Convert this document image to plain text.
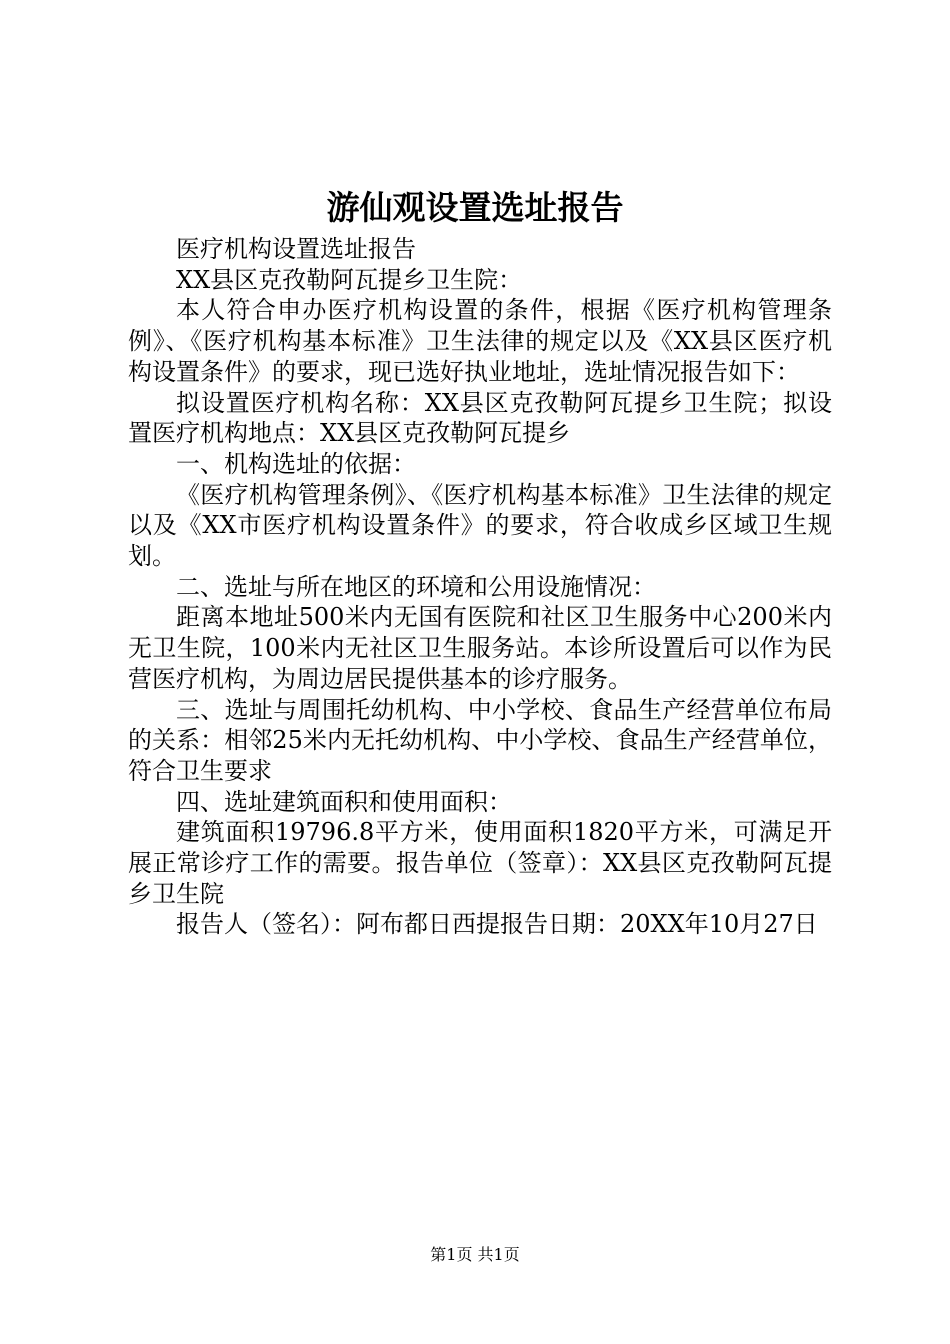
游仙观设置选址报告

医疗机构设置选址报告

XX县区克孜勒阿瓦提乡卫生院：

本人符合申办医疗机构设置的条件，根据《医疗机构管理条例》、《医疗机构基本标准》卫生法律的规定以及《XX县区医疗机构设置条件》的要求，现已选好执业地址，选址情况报告如下：

拟设置医疗机构名称：XX县区克孜勒阿瓦提乡卫生院；拟设置医疗机构地点：XX县区克孜勒阿瓦提乡

一、机构选址的依据：

《医疗机构管理条例》、《医疗机构基本标准》卫生法律的规定以及《XX市医疗机构设置条件》的要求，符合收成乡区域卫生规划。

二、选址与所在地区的环境和公用设施情况：

距离本地址500米内无国有医院和社区卫生服务中心200米内无卫生院，100米内无社区卫生服务站。本诊所设置后可以作为民营医疗机构，为周边居民提供基本的诊疗服务。

三、选址与周围托幼机构、中小学校、食品生产经营单位布局的关系：相邻25米内无托幼机构、中小学校、食品生产经营单位，符合卫生要求

四、选址建筑面积和使用面积：

建筑面积19796.8平方米，使用面积1820平方米，可满足开展正常诊疗工作的需要。报告单位（签章）：XX县区克孜勒阿瓦提乡卫生院

报告人（签名）：阿布都日西提报告日期：20XX年10月27日

第1页 共1页
